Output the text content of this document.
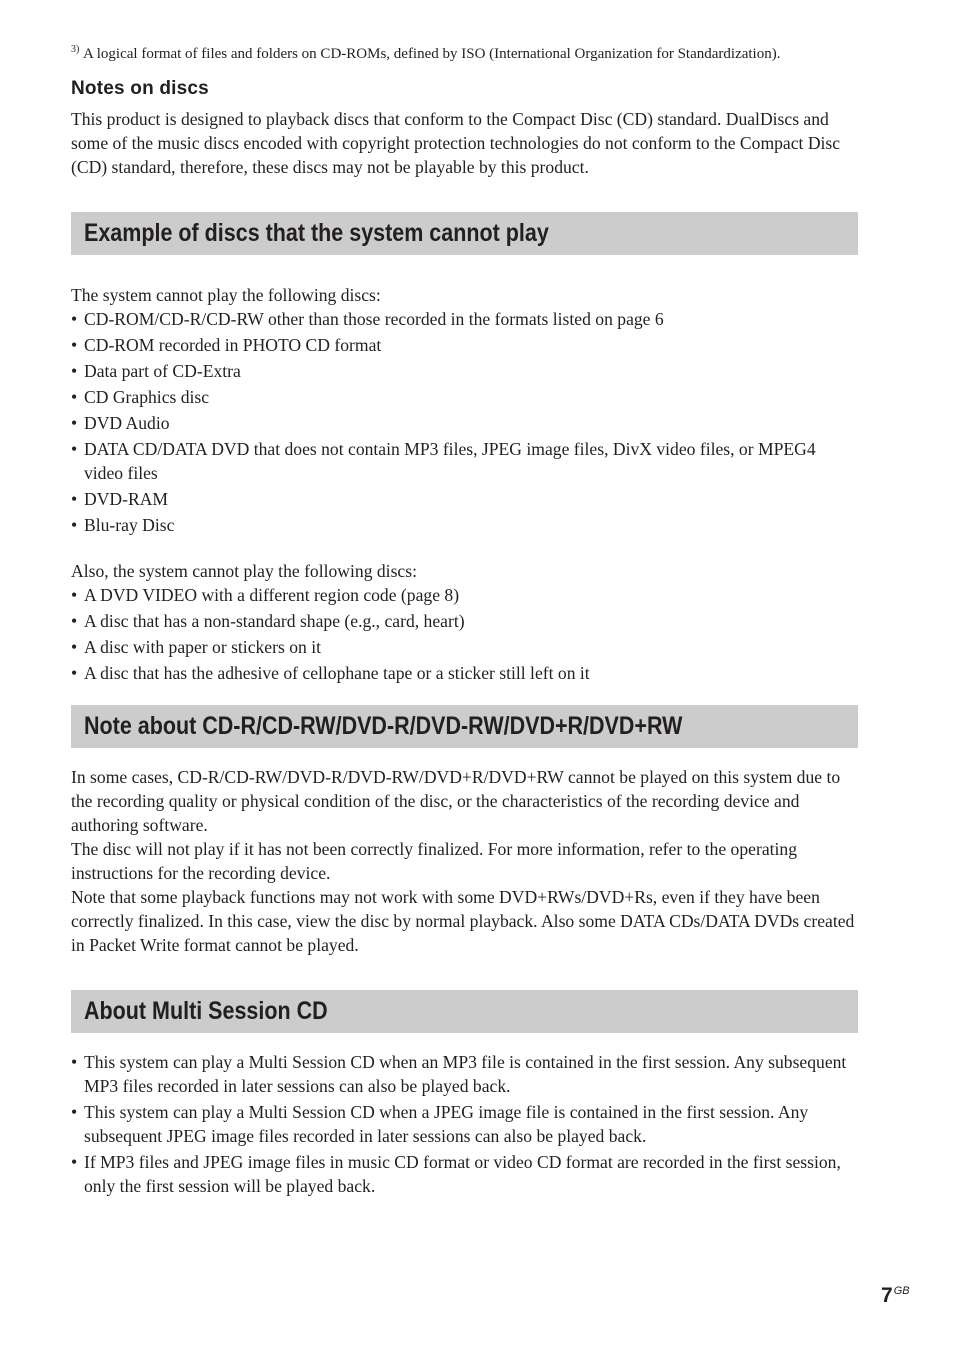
3) A logical format of files and folders on CD-ROMs, defined by ISO (International Organization for Standardization).
Notes on discs
This product is designed to playback discs that conform to the Compact Disc (CD) standard. DualDiscs and some of the music discs encoded with copyright protection technologies do not conform to the Compact Disc (CD) standard, therefore, these discs may not be playable by this product.
Example of discs that the system cannot play
The system cannot play the following discs:
• CD-ROM/CD-R/CD-RW other than those recorded in the formats listed on page 6
• CD-ROM recorded in PHOTO CD format
• Data part of CD-Extra
• CD Graphics disc
• DVD Audio
• DATA CD/DATA DVD that does not contain MP3 files, JPEG image files, DivX video files, or MPEG4 video files
• DVD-RAM
• Blu-ray Disc
Also, the system cannot play the following discs:
• A DVD VIDEO with a different region code (page 8)
• A disc that has a non-standard shape (e.g., card, heart)
• A disc with paper or stickers on it
• A disc that has the adhesive of cellophane tape or a sticker still left on it
Note about CD-R/CD-RW/DVD-R/DVD-RW/DVD+R/DVD+RW
In some cases, CD-R/CD-RW/DVD-R/DVD-RW/DVD+R/DVD+RW cannot be played on this system due to the recording quality or physical condition of the disc, or the characteristics of the recording device and authoring software.
The disc will not play if it has not been correctly finalized. For more information, refer to the operating instructions for the recording device.
Note that some playback functions may not work with some DVD+RWs/DVD+Rs, even if they have been correctly finalized. In this case, view the disc by normal playback. Also some DATA CDs/DATA DVDs created in Packet Write format cannot be played.
About Multi Session CD
• This system can play a Multi Session CD when an MP3 file is contained in the first session. Any subsequent MP3 files recorded in later sessions can also be played back.
• This system can play a Multi Session CD when a JPEG image file is contained in the first session. Any subsequent JPEG image files recorded in later sessions can also be played back.
• If MP3 files and JPEG image files in music CD format or video CD format are recorded in the first session, only the first session will be played back.
$7^{GB}$
